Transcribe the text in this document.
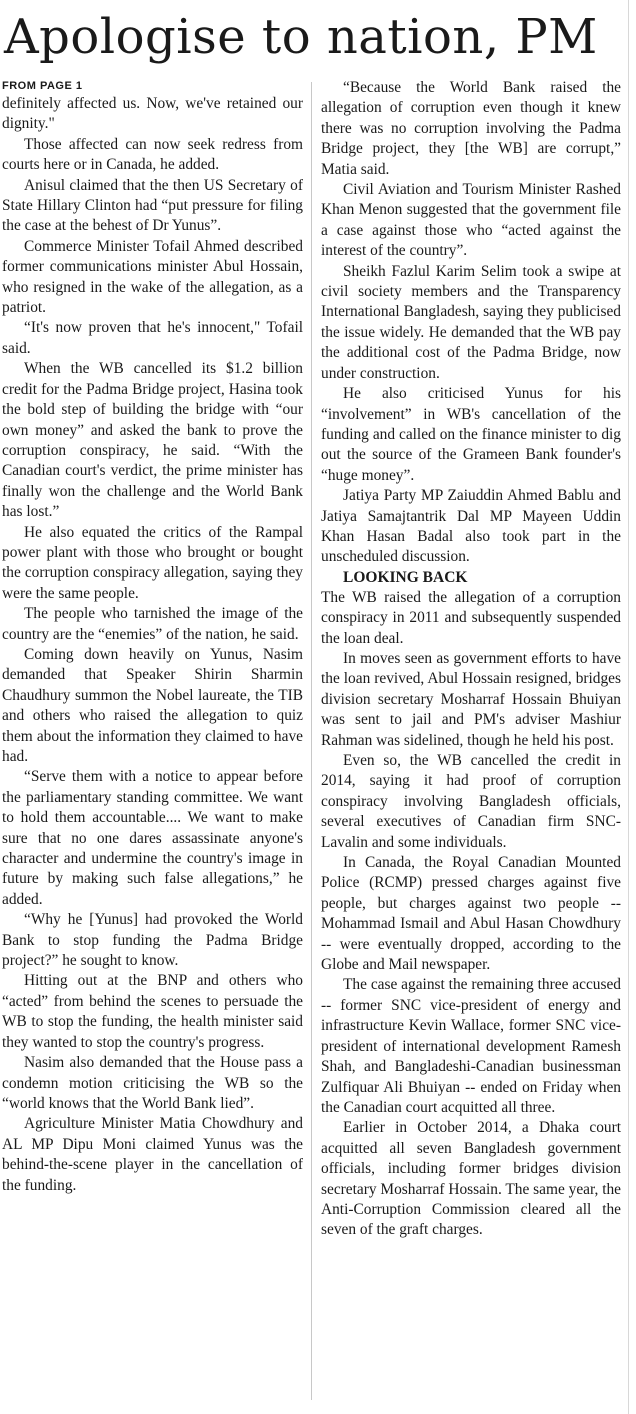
Apologise to nation, PM
FROM PAGE 1

definitely affected us. Now, we've retained our dignity."

Those affected can now seek redress from courts here or in Canada, he added.

Anisul claimed that the then US Secretary of State Hillary Clinton had “put pressure for filing the case at the behest of Dr Yunus”.

Commerce Minister Tofail Ahmed described former communications minister Abul Hossain, who resigned in the wake of the allegation, as a patriot.

“It's now proven that he's innocent," Tofail said.

When the WB cancelled its $1.2 billion credit for the Padma Bridge project, Hasina took the bold step of building the bridge with “our own money” and asked the bank to prove the corruption conspiracy, he said. “With the Canadian court's verdict, the prime minister has finally won the challenge and the World Bank has lost.”

He also equated the critics of the Rampal power plant with those who brought or bought the corruption conspiracy allegation, saying they were the same people.

The people who tarnished the image of the country are the “enemies” of the nation, he said.

Coming down heavily on Yunus, Nasim demanded that Speaker Shirin Sharmin Chaudhury summon the Nobel laureate, the TIB and others who raised the allegation to quiz them about the information they claimed to have had.

“Serve them with a notice to appear before the parliamentary standing committee. We want to hold them accountable.... We want to make sure that no one dares assassinate anyone's character and undermine the country's image in future by making such false allegations,” he added.

“Why he [Yunus] had provoked the World Bank to stop funding the Padma Bridge project?” he sought to know.

Hitting out at the BNP and others who “acted” from behind the scenes to persuade the WB to stop the funding, the health minister said they wanted to stop the country's progress.

Nasim also demanded that the House pass a condemn motion criticising the WB so the “world knows that the World Bank lied”.

Agriculture Minister Matia Chowdhury and AL MP Dipu Moni claimed Yunus was the behind-the-scene player in the cancellation of the funding.

“Because the World Bank raised the allegation of corruption even though it knew there was no corruption involving the Padma Bridge project, they [the WB] are corrupt,” Matia said.

Civil Aviation and Tourism Minister Rashed Khan Menon suggested that the government file a case against those who “acted against the interest of the country”.

Sheikh Fazlul Karim Selim took a swipe at civil society members and the Transparency International Bangladesh, saying they publicised the issue widely. He demanded that the WB pay the additional cost of the Padma Bridge, now under construction.

He also criticised Yunus for his “involvement” in WB's cancellation of the funding and called on the finance minister to dig out the source of the Grameen Bank founder's “huge money”.

Jatiya Party MP Zaiuddin Ahmed Bablu and Jatiya Samajtantrik Dal MP Mayeen Uddin Khan Hasan Badal also took part in the unscheduled discussion.

LOOKING BACK

The WB raised the allegation of a corruption conspiracy in 2011 and subsequently suspended the loan deal.

In moves seen as government efforts to have the loan revived, Abul Hossain resigned, bridges division secretary Mosharraf Hossain Bhuiyan was sent to jail and PM's adviser Mashiur Rahman was sidelined, though he held his post.

Even so, the WB cancelled the credit in 2014, saying it had proof of corruption conspiracy involving Bangladesh officials, several executives of Canadian firm SNC-Lavalin and some individuals.

In Canada, the Royal Canadian Mounted Police (RCMP) pressed charges against five people, but charges against two people -- Mohammad Ismail and Abul Hasan Chowdhury -- were eventually dropped, according to the Globe and Mail newspaper.

The case against the remaining three accused -- former SNC vice-president of energy and infrastructure Kevin Wallace, former SNC vice-president of international development Ramesh Shah, and Bangladeshi-Canadian businessman Zulfiquar Ali Bhuiyan -- ended on Friday when the Canadian court acquitted all three.

Earlier in October 2014, a Dhaka court acquitted all seven Bangladesh government officials, including former bridges division secretary Mosharraf Hossain. The same year, the Anti-Corruption Commission cleared all the seven of the graft charges.
